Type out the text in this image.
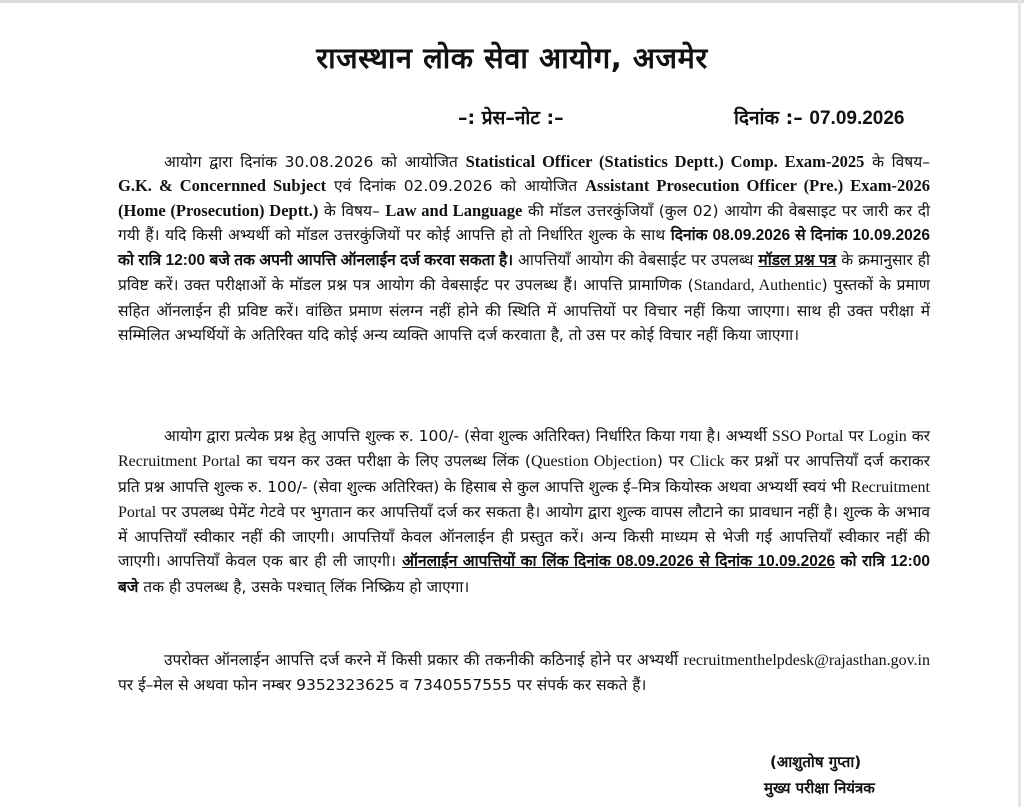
राजस्थान लोक सेवा आयोग, अजमेर
–: प्रेस–नोट :–	दिनांक :– 07.09.2026
आयोग द्वारा दिनांक 30.08.2026 को आयोजित Statistical Officer (Statistics Deptt.) Comp. Exam-2025 के विषय– G.K. & Concernned Subject एवं दिनांक 02.09.2026 को आयोजित Assistant Prosecution Officer (Pre.) Exam-2026 (Home (Prosecution) Deptt.) के विषय– Law and Language की मॉडल उत्तरकुंजियाँ (कुल 02) आयोग की वेबसाइट पर जारी कर दी गयी हैं। यदि किसी अभ्यर्थी को मॉडल उत्तरकुंजियों पर कोई आपत्ति हो तो निर्धारित शुल्क के साथ दिनांक 08.09.2026 से दिनांक 10.09.2026 को रात्रि 12:00 बजे तक अपनी आपत्ति ऑनलाईन दर्ज करवा सकता है। आपत्तियाँ आयोग की वेबसाईट पर उपलब्ध मॉडल प्रश्न पत्र के क्रमानुसार ही प्रविष्ट करें। उक्त परीक्षाओं के मॉडल प्रश्न पत्र आयोग की वेबसाईट पर उपलब्ध हैं। आपत्ति प्रामाणिक (Standard, Authentic) पुस्तकों के प्रमाण सहित ऑनलाईन ही प्रविष्ट करें। वांछित प्रमाण संलग्न नहीं होने की स्थिति में आपत्तियों पर विचार नहीं किया जाएगा। साथ ही उक्त परीक्षा में सम्मिलित अभ्यर्थियों के अतिरिक्त यदि कोई अन्य व्यक्ति आपत्ति दर्ज करवाता है, तो उस पर कोई विचार नहीं किया जाएगा।
आयोग द्वारा प्रत्येक प्रश्न हेतु आपत्ति शुल्क रु. 100/- (सेवा शुल्क अतिरिक्त) निर्धारित किया गया है। अभ्यर्थी SSO Portal पर Login कर Recruitment Portal का चयन कर उक्त परीक्षा के लिए उपलब्ध लिंक (Question Objection) पर Click कर प्रश्नों पर आपत्तियाँ दर्ज कराकर प्रति प्रश्न आपत्ति शुल्क रु. 100/- (सेवा शुल्क अतिरिक्त) के हिसाब से कुल आपत्ति शुल्क ई–मित्र कियोस्क अथवा अभ्यर्थी स्वयं भी Recruitment Portal पर उपलब्ध पेमेंट गेटवे पर भुगतान कर आपत्तियाँ दर्ज कर सकता है। आयोग द्वारा शुल्क वापस लौटाने का प्रावधान नहीं है। शुल्क के अभाव में आपत्तियाँ स्वीकार नहीं की जाएगी। आपत्तियाँ केवल ऑनलाईन ही प्रस्तुत करें। अन्य किसी माध्यम से भेजी गई आपत्तियाँ स्वीकार नहीं की जाएगी। आपत्तियाँ केवल एक बार ही ली जाएगी। ऑनलाईन आपत्तियों का लिंक दिनांक 08.09.2026 से दिनांक 10.09.2026 को रात्रि 12:00 बजे तक ही उपलब्ध है, उसके पश्चात् लिंक निष्क्रिय हो जाएगा।
उपरोक्त ऑनलाईन आपत्ति दर्ज करने में किसी प्रकार की तकनीकी कठिनाई होने पर अभ्यर्थी recruitmenthelpdesk@rajasthan.gov.in पर ई–मेल से अथवा फोन नम्बर 9352323625 व 7340557555 पर संपर्क कर सकते हैं।
(आशुतोष गुप्ता)
मुख्य परीक्षा नियंत्रक
